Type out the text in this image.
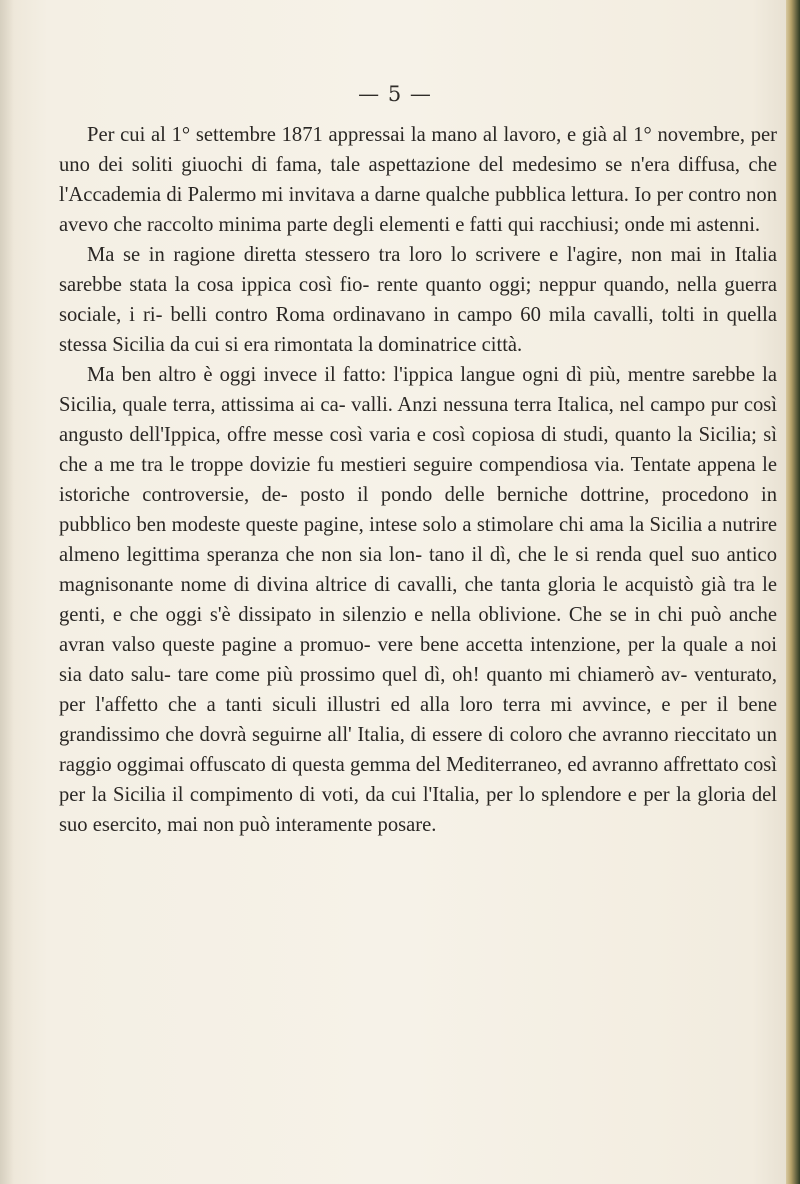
— 5 —

Per cui al 1° settembre 1871 appressai la mano al lavoro, e già al 1° novembre, per uno dei soliti giuochi di fama, tale aspettazione del medesimo se n'era diffusa, che l'Accademia di Palermo mi invitava a darne qualche pubblica lettura. Io per contro non avevo che raccolto minima parte degli elementi e fatti qui racchiusi; onde mi astenni.

Ma se in ragione diretta stessero tra loro lo scrivere e l'agire, non mai in Italia sarebbe stata la cosa ippica così fio- rente quanto oggi; neppur quando, nella guerra sociale, i ri- belli contro Roma ordinavano in campo 60 mila cavalli, tolti in quella stessa Sicilia da cui si era rimontata la dominatrice città.

Ma ben altro è oggi invece il fatto: l'ippica langue ogni dì più, mentre sarebbe la Sicilia, quale terra, attissima ai ca- valli. Anzi nessuna terra Italica, nel campo pur così angusto dell'Ippica, offre messe così varia e così copiosa di studi, quanto la Sicilia; sì che a me tra le troppe dovizie fu mestieri seguire compendiosa via. Tentate appena le istoriche controversie, de- posto il pondo delle berniche dottrine, procedono in pubblico ben modeste queste pagine, intese solo a stimolare chi ama la Sicilia a nutrire almeno legittima speranza che non sia lon- tano il dì, che le si renda quel suo antico magnisonante nome di divina altrice di cavalli, che tanta gloria le acquistò già tra le genti, e che oggi s'è dissipato in silenzio e nella oblivione. Che se in chi può anche avran valso queste pagine a promuo- vere bene accetta intenzione, per la quale a noi sia dato salu- tare come più prossimo quel dì, oh! quanto mi chiamerò av- venturato, per l'affetto che a tanti siculi illustri ed alla loro terra mi avvince, e per il bene grandissimo che dovrà seguirne all' Italia, di essere di coloro che avranno rieccitato un raggio oggimai offuscato di questa gemma del Mediterraneo, ed avranno affrettato così per la Sicilia il compimento di voti, da cui l'Italia, per lo splendore e per la gloria del suo esercito, mai non può interamente posare.
